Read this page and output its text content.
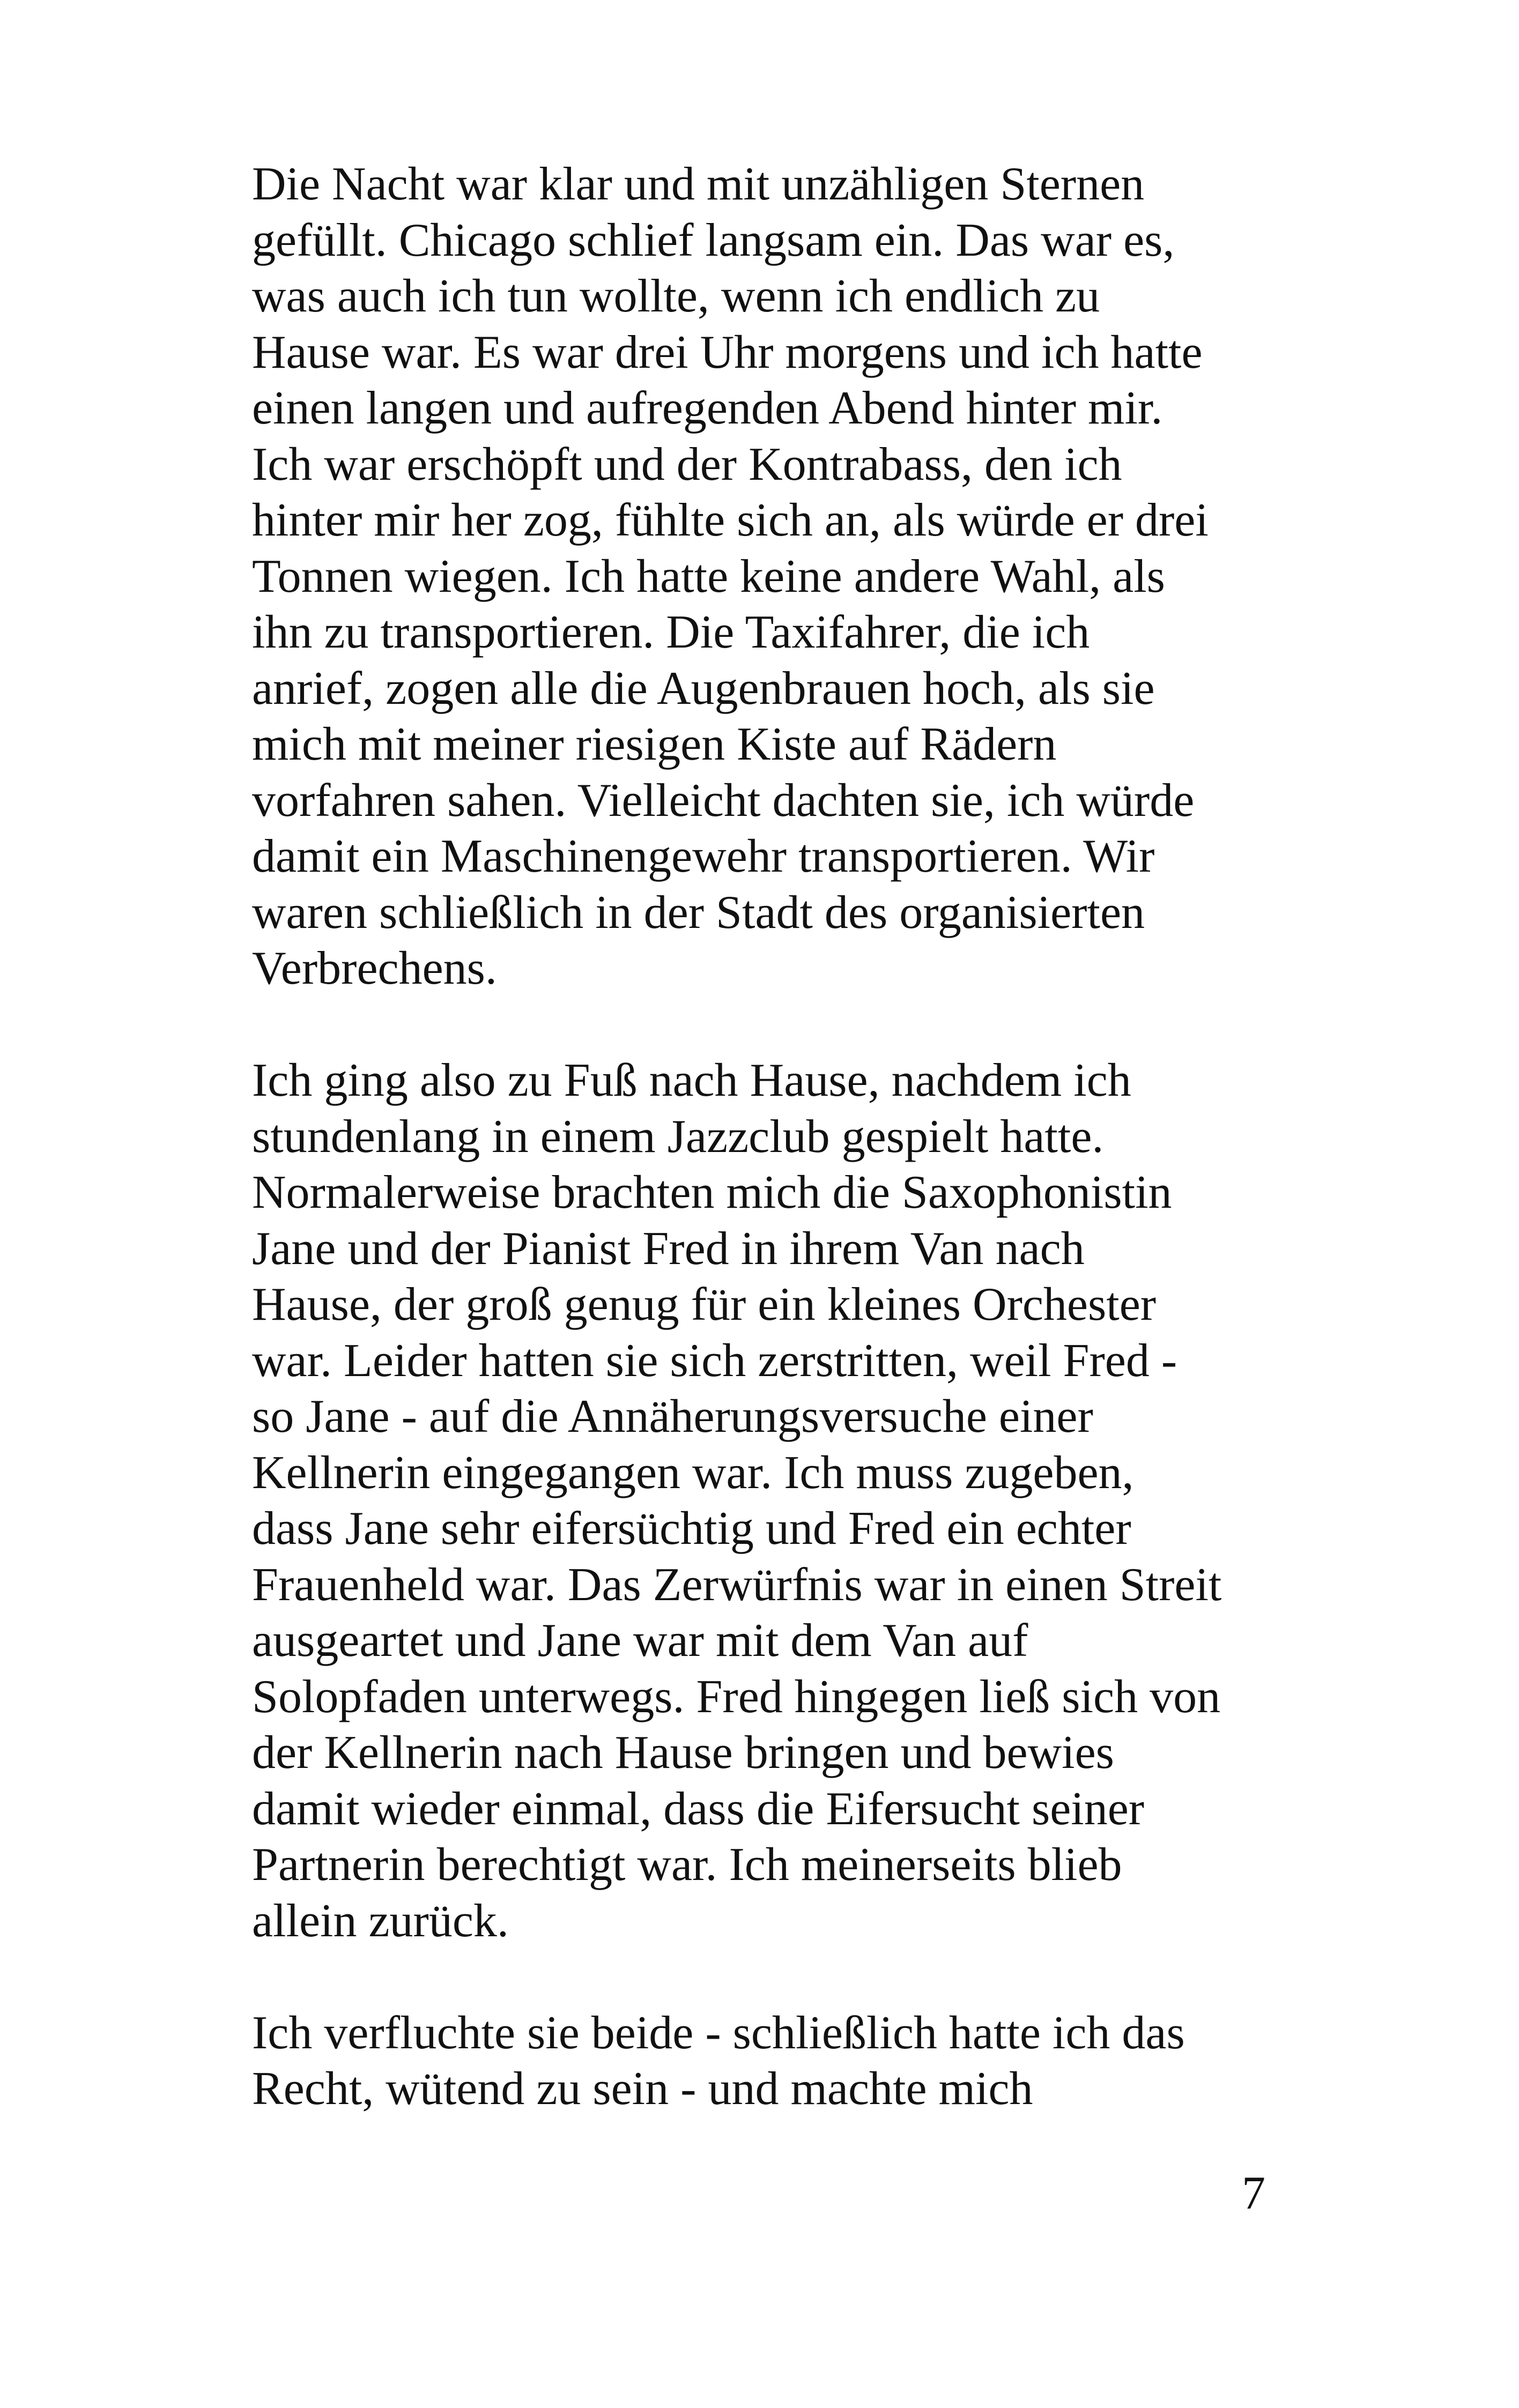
Die Nacht war klar und mit unzähligen Sternen
gefüllt. Chicago schlief langsam ein. Das war es,
was auch ich tun wollte, wenn ich endlich zu
Hause war. Es war drei Uhr morgens und ich hatte
einen langen und aufregenden Abend hinter mir.
Ich war erschöpft und der Kontrabass, den ich
hinter mir her zog, fühlte sich an, als würde er drei
Tonnen wiegen. Ich hatte keine andere Wahl, als
ihn zu transportieren. Die Taxifahrer, die ich
anrief, zogen alle die Augenbrauen hoch, als sie
mich mit meiner riesigen Kiste auf Rädern
vorfahren sahen. Vielleicht dachten sie, ich würde
damit ein Maschinengewehr transportieren. Wir
waren schließlich in der Stadt des organisierten
Verbrechens.
Ich ging also zu Fuß nach Hause, nachdem ich
stundenlang in einem Jazzclub gespielt hatte.
Normalerweise brachten mich die Saxophonistin
Jane und der Pianist Fred in ihrem Van nach
Hause, der groß genug für ein kleines Orchester
war. Leider hatten sie sich zerstritten, weil Fred -
so Jane - auf die Annäherungsversuche einer
Kellnerin eingegangen war. Ich muss zugeben,
dass Jane sehr eifersüchtig und Fred ein echter
Frauenheld war. Das Zerwürfnis war in einen Streit
ausgeartet und Jane war mit dem Van auf
Solopfaden unterwegs. Fred hingegen ließ sich von
der Kellnerin nach Hause bringen und bewies
damit wieder einmal, dass die Eifersucht seiner
Partnerin berechtigt war. Ich meinerseits blieb
allein zurück.
Ich verfluchte sie beide - schließlich hatte ich das
Recht, wütend zu sein - und machte mich
7
